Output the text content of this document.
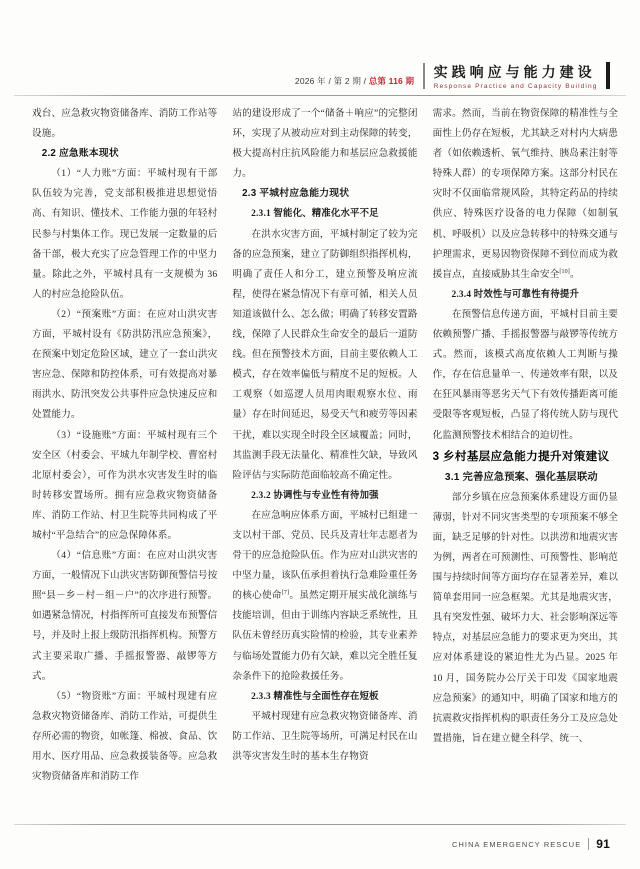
2026 年 / 第 2 期 / 总第 116 期
实践响应与能力建设
Response Practice and Capacity Building

戏台、应急救灾物资储备库、消防工作站等设施。

2.2 应急账本现状

（1）“人力账”方面：平城村现有干部队伍较为完善，党支部积极推进思想觉悟高、有知识、懂技术、工作能力强的年轻村民参与村集体工作。现已发展一定数量的后备干部，极大充实了应急管理工作的中坚力量。除此之外，平城村具有一支规模为 36 人的村应急抢险队伍。

（2）“预案账”方面：在应对山洪灾害方面，平城村设有《防洪防汛应急预案》，在预案中划定危险区域，建立了一套山洪灾害应急、保障和防控体系，可有效提高对暴雨洪水、防汛突发公共事件应急快速反应和处置能力。

（3）“设施账”方面：平城村现有三个安全区（村委会、平城九年制学校、曹窑村北原村委会），可作为洪水灾害发生时的临时转移安置场所。拥有应急救灾物资储备库、消防工作站、村卫生院等共同构成了平城村“平急结合”的应急保障体系。

（4）“信息账”方面：在应对山洪灾害方面，一般情况下山洪灾害防御预警信号按照“县－乡－村－组－户”的次序进行预警。如遇紧急情况，村指挥所可直接发布预警信号，并及时上报上级防汛指挥机构。预警方式主要采取广播、手摇报警器、敲锣等方式。

（5）“物资账”方面：平城村现建有应急救灾物资储备库、消防工作站，可提供生存所必需的物资，如帐篷、棉被、食品、饮用水、医疗用品、应急救援装备等。应急救灾物资储备库和消防工作

站的建设形成了一个“储备＋响应”的完整闭环，实现了从被动应对到主动保障的转变，极大提高村庄抗风险能力和基层应急救援能力。

2.3 平城村应急能力现状
2.3.1 智能化、精准化水平不足

在洪水灾害方面，平城村制定了较为完备的应急预案，建立了防御组织指挥机构，明确了责任人和分工，建立预警及响应流程，使得在紧急情况下有章可循，相关人员知道该做什么、怎么做；明确了转移安置路线，保障了人民群众生命安全的最后一道防线。但在预警技术方面，目前主要依赖人工模式，存在效率偏低与精度不足的短板。人工观察（如巡逻人员用肉眼观察水位、雨量）存在时间延迟，易受天气和疲劳等因素干扰，难以实现全时段全区域覆盖；同时，其监测手段无法量化、精准性欠缺，导致风险评估与实际防范面临较高不确定性。

2.3.2 协调性与专业性有待加强

在应急响应体系方面，平城村已组建一支以村干部、党员、民兵及青壮年志愿者为骨干的应急抢险队伍。作为应对山洪灾害的中坚力量，该队伍承担着执行急难险重任务的核心使命[7]。虽然定期开展实战化演练与技能培训，但由于训练内容缺乏系统性，且队伍未曾经历真实险情的检验，其专业素养与临场处置能力仍有欠缺，难以完全胜任复杂条件下的抢险救援任务。

2.3.3 精准性与全面性存在短板

平城村现建有应急救灾物资储备库、消防工作站、卫生院等场所，可满足村民在山洪等灾害发生时的基本生存物资

需求。然而，当前在物资保障的精准性与全面性上仍存在短板，尤其缺乏对村内大病患者（如依赖透析、氧气维持、胰岛素注射等特殊人群）的专项保障方案。这部分村民在灾时不仅面临常规风险，其特定药品的持续供应、特殊医疗设备的电力保障（如制氧机、呼吸机）以及应急转移中的特殊交通与护理需求，更易因物资保障不到位而成为救援盲点，直接威胁其生命安全[10]。

2.3.4 时效性与可靠性有待提升

在预警信息传递方面，平城村目前主要依赖预警广播、手摇报警器与敲锣等传统方式。然而，该模式高度依赖人工判断与操作，存在信息量单一、传递效率有限，以及在狂风暴雨等恶劣天气下有效传播距离可能受限等客观短板，凸显了将传统人防与现代化监测预警技术相结合的迫切性。

3 乡村基层应急能力提升对策建议
3.1 完善应急预案、强化基层联动

部分乡镇在应急预案体系建设方面仍显薄弱，针对不同灾害类型的专项预案不够全面，缺乏足够的针对性。以洪涝和地震灾害为例，两者在可预测性、可预警性、影响范围与持续时间等方面均存在显著差异，难以简单套用同一应急框架。尤其是地震灾害，具有突发性强、破坏力大、社会影响深远等特点，对基层应急能力的要求更为突出，其应对体系建设的紧迫性尤为凸显。2025 年 10 月，国务院办公厅关于印发《国家地震应急预案》的通知中，明确了国家和地方的抗震救灾指挥机构的职责任务分工及应急处置措施，旨在建立健全科学、统一、

CHINA EMERGENCY RESCUE 91
